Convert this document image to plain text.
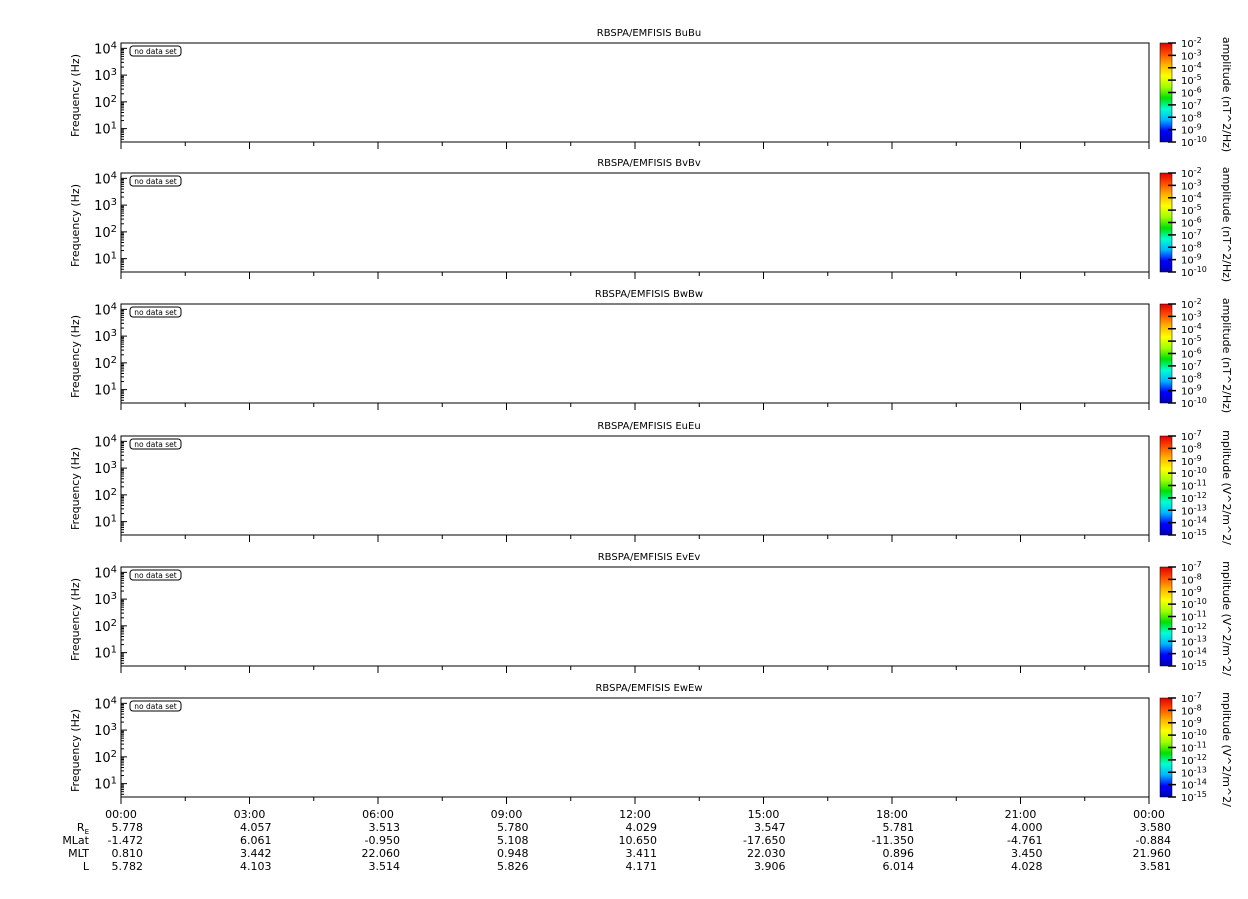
RBSPA/EMFISIS BuBu
$10^1$
$10^2$
$10^3$
$10^4$
Frequency (Hz)
no data set
$10^{-2}$
$10^{-3}$
$10^{-4}$
$10^{-5}$
$10^{-6}$
$10^{-7}$
$10^{-8}$
$10^{-9}$
$10^{-10}$ amplitude (nT^2/Hz)
RBSPA/EMFISIS BvBv
$10^1$
$10^2$
$10^3$
$10^4$
Frequency (Hz)
no data set
$10^{-2}$
$10^{-3}$
$10^{-4}$
$10^{-5}$
$10^{-6}$
$10^{-7}$
$10^{-8}$
$10^{-9}$
$10^{-10}$ amplitude (nT^2/Hz)
RBSPA/EMFISIS BwBw
$10^1$
$10^2$
$10^3$
$10^4$
Frequency (Hz)
no data set
$10^{-2}$
$10^{-3}$
$10^{-4}$
$10^{-5}$
$10^{-6}$
$10^{-7}$
$10^{-8}$
$10^{-9}$
$10^{-10}$ amplitude (nT^2/Hz)
RBSPA/EMFISIS EuEu
$10^1$
$10^2$
$10^3$
$10^4$
Frequency (Hz)
no data set
$10^{-7}$
$10^{-8}$
$10^{-9}$
$10^{-10}$
$10^{-11}$
$10^{-12}$
$10^{-13}$
$10^{-14}$
$10^{-15}$ mplitude (V^2/m^2/
RBSPA/EMFISIS EvEv
$10^1$
$10^2$
$10^3$
$10^4$
Frequency (Hz)
no data set
$10^{-7}$
$10^{-8}$
$10^{-9}$
$10^{-10}$
$10^{-11}$
$10^{-12}$
$10^{-13}$
$10^{-14}$
$10^{-15}$ mplitude (V^2/m^2/
RBSPA/EMFISIS EwEw
$10^1$
$10^2$
$10^3$
$10^4$
Frequency (Hz)
no data set
$10^{-7}$
$10^{-8}$
$10^{-9}$
$10^{-10}$
$10^{-11}$
$10^{-12}$
$10^{-13}$
$10^{-14}$
$10^{-15}$ mplitude (V^2/m^2/
00:00	03:00	06:00	09:00	12:00	15:00	18:00	21:00	00:00
$R_E$ 5.778	4.057	3.513	5.780	4.029	3.547	5.781	4.000	3.580
MLat -1.472	6.061	-0.950	5.108	10.650	-17.650	-11.350	-4.761	-0.884
MLT 0.810	3.442	22.060	0.948	3.411	22.030	0.896	3.450	21.960
L 5.782	4.103	3.514	5.826	4.171	3.906	6.014	4.028	3.581
